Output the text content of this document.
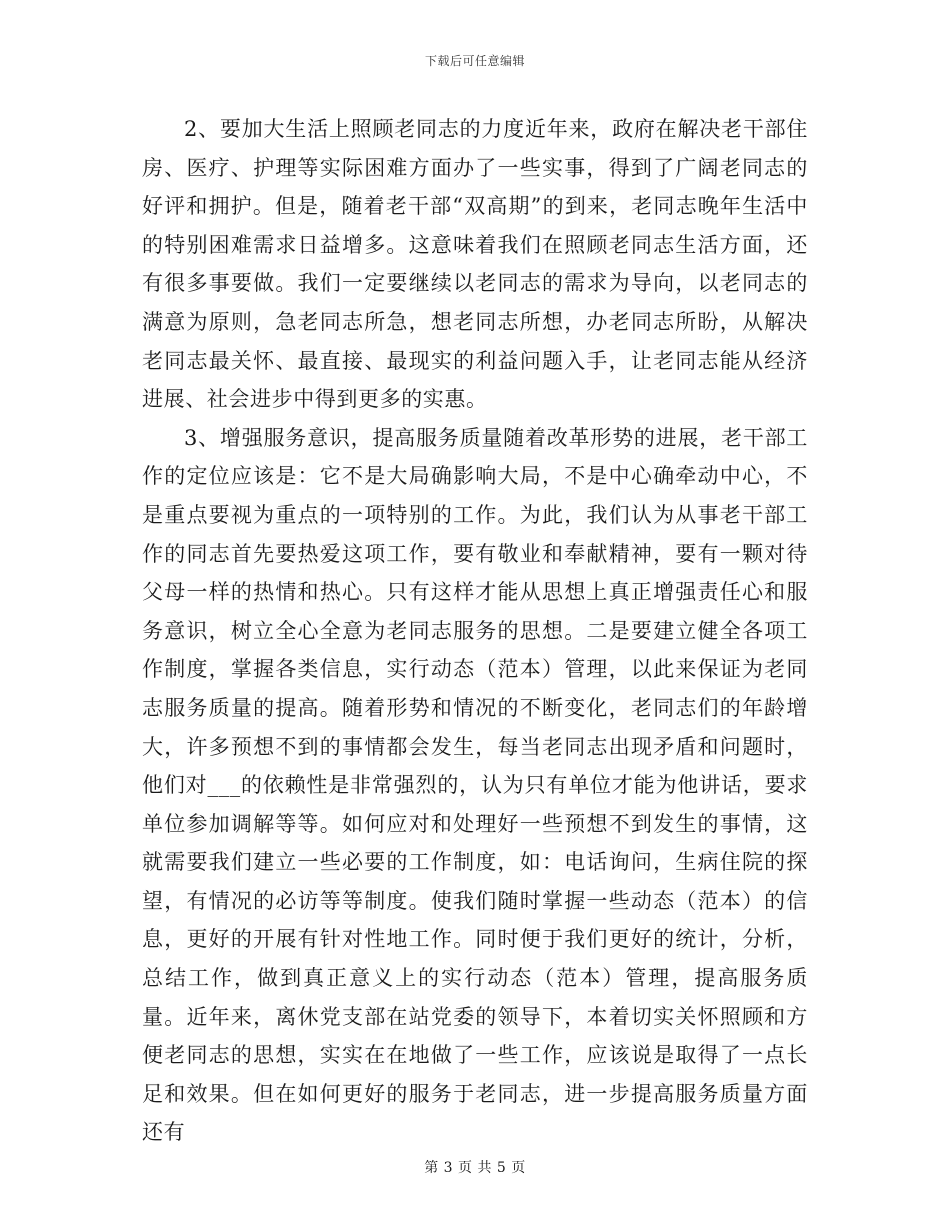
下载后可任意编辑

2、要加大生活上照顾老同志的力度近年来，政府在解决老干部住房、医疗、护理等实际困难方面办了一些实事，得到了广阔老同志的好评和拥护。但是，随着老干部“双高期”的到来，老同志晚年生活中的特别困难需求日益增多。这意味着我们在照顾老同志生活方面，还有很多事要做。我们一定要继续以老同志的需求为导向，以老同志的满意为原则，急老同志所急，想老同志所想，办老同志所盼，从解决老同志最关怀、最直接、最现实的利益问题入手，让老同志能从经济进展、社会进步中得到更多的实惠。

3、增强服务意识，提高服务质量随着改革形势的进展，老干部工作的定位应该是：它不是大局确影响大局，不是中心确牵动中心，不是重点要视为重点的一项特别的工作。为此，我们认为从事老干部工作的同志首先要热爱这项工作，要有敬业和奉献精神，要有一颗对待父母一样的热情和热心。只有这样才能从思想上真正增强责任心和服务意识，树立全心全意为老同志服务的思想。二是要建立健全各项工作制度，掌握各类信息，实行动态（范本）管理，以此来保证为老同志服务质量的提高。随着形势和情况的不断变化，老同志们的年龄增大，许多预想不到的事情都会发生，每当老同志出现矛盾和问题时，他们对___的依赖性是非常强烈的，认为只有单位才能为他讲话，要求单位参加调解等等。如何应对和处理好一些预想不到发生的事情，这就需要我们建立一些必要的工作制度，如：电话询问，生病住院的探望，有情况的必访等等制度。使我们随时掌握一些动态（范本）的信息，更好的开展有针对性地工作。同时便于我们更好的统计，分析，总结工作，做到真正意义上的实行动态（范本）管理，提高服务质量。近年来，离休党支部在站党委的领导下，本着切实关怀照顾和方便老同志的思想，实实在在地做了一些工作，应该说是取得了一点长足和效果。但在如何更好的服务于老同志，进一步提高服务质量方面还有

第 3 页 共 5 页
